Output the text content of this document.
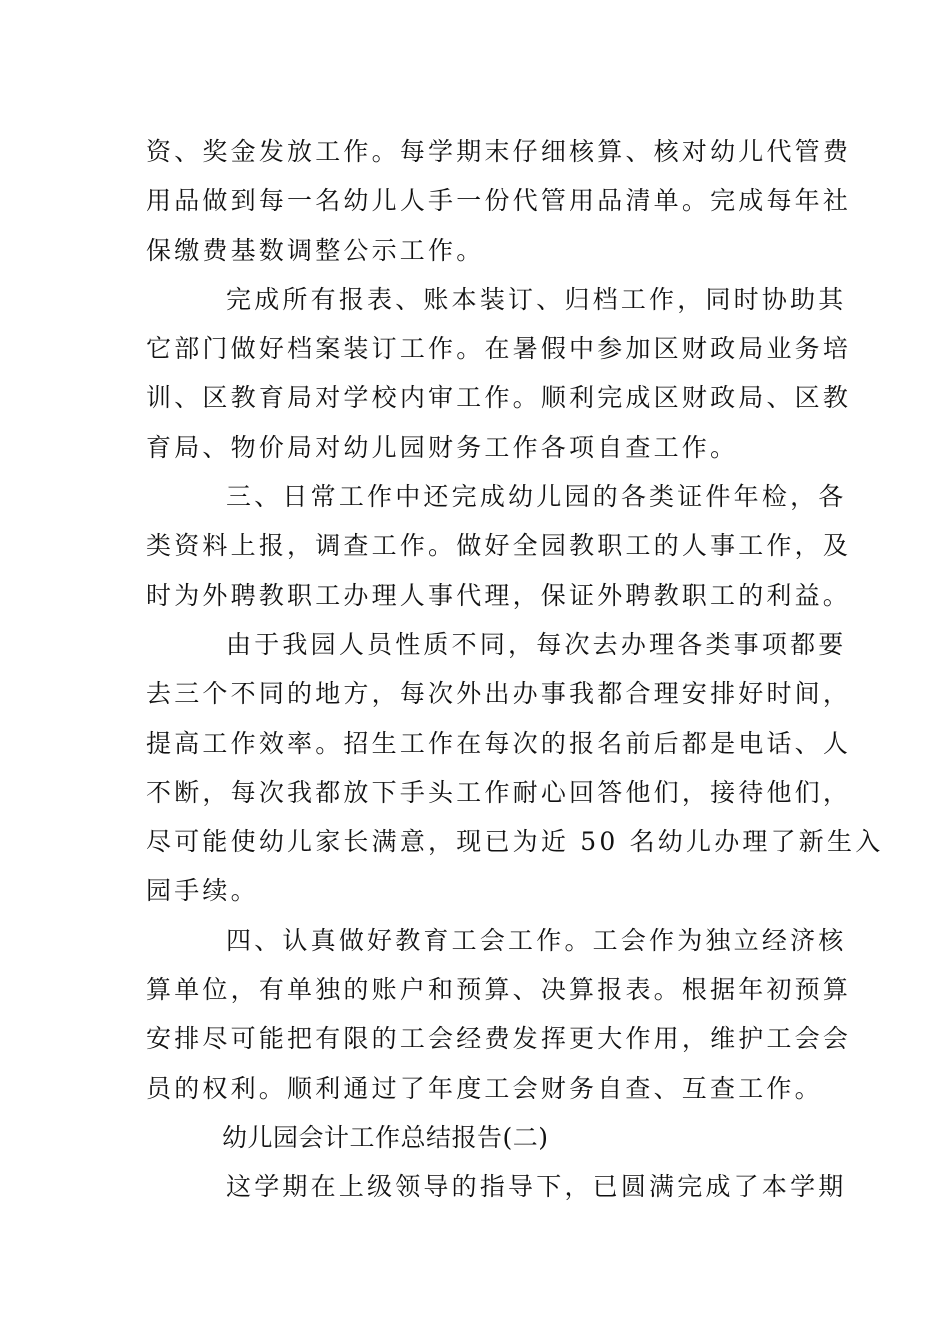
资 、 奖 金 发 放 工 作 。 每 学 期 末 仔 细 核 算 、 核 对 幼 儿 代 管 费
用 品 做 到 每 一 名 幼 儿 人 手 一 份 代 管 用 品 清 单 。 完 成 每 年 社
保缴费基数调整公示工作。
完 成 所 有 报 表 、 账 本 装 订 、 归 档 工 作 ， 同 时 协 助 其
它 部 门 做 好 档 案 装 订 工 作 。 在 暑 假 中 参 加 区 财 政 局 业 务 培
训 、 区 教 育 局 对 学 校 内 审 工 作 。 顺 利 完 成 区 财 政 局 、 区 教
育局、物价局对幼儿园财务工作各项自查工作。
三 、 日 常 工 作 中 还 完 成 幼 儿 园 的 各 类 证 件 年 检 ， 各
类 资 料 上 报 ， 调 查 工 作 。 做 好 全 园 教 职 工 的 人 事 工 作 ， 及
时为外聘教职工办理人事代理，保证外聘教职工的利益。
由 于 我 园 人 员 性 质 不 同 ， 每 次 去 办 理 各 类 事 项 都 要
去 三 个 不 同 的 地 方 ， 每 次 外 出 办 事 我 都 合 理 安 排 好 时 间 ，
提 高 工 作 效 率 。 招 生 工 作 在 每 次 的 报 名 前 后 都 是 电 话 、 人
不 断 ， 每 次 我 都 放 下 手 头 工 作 耐 心 回 答 他 们 ， 接 待 他 们 ，
尽 可 能 使 幼 儿 家 长 满 意 ， 现 已 为 近
5 0
名 幼 儿 办 理 了 新 生 入
园手续。
四 、 认 真 做 好 教 育 工 会 工 作 。 工 会 作 为 独 立 经 济 核
算 单 位 ， 有 单 独 的 账 户 和 预 算 、 决 算 报 表 。 根 据 年 初 预 算
安 排 尽 可 能 把 有 限 的 工 会 经 费 发 挥 更 大 作 用 ， 维 护 工 会 会
员的权利。顺利通过了年度工会财务自查、互查工作。
幼儿园会计工作总结报告(二)
这 学 期 在 上 级 领 导 的 指 导 下 ， 已 圆 满 完 成 了 本 学 期
